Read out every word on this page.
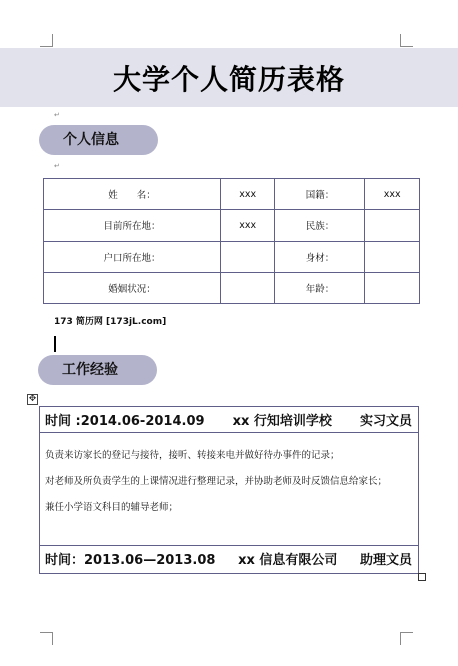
↵
↵
大学个人简历表格
个人信息
姓　　名：	xxx	国籍：	xxx
目前所在地：	xxx	民族：	
户口所在地：		身材：	
婚姻状况：		年龄：	
173 简历网 [173jL.com]
工作经验
✥
时间 :2014.06-2014.09 xx 行知培训学校 实习文员
负责来访家长的登记与接待，接听、转接来电并做好待办事件的记录；
对老师及所负责学生的上课情况进行整理记录，并协助老师及时反馈信息给家长；
兼任小学语文科目的辅导老师；
时间：2013.06—2013.08 xx 信息有限公司 助理文员
